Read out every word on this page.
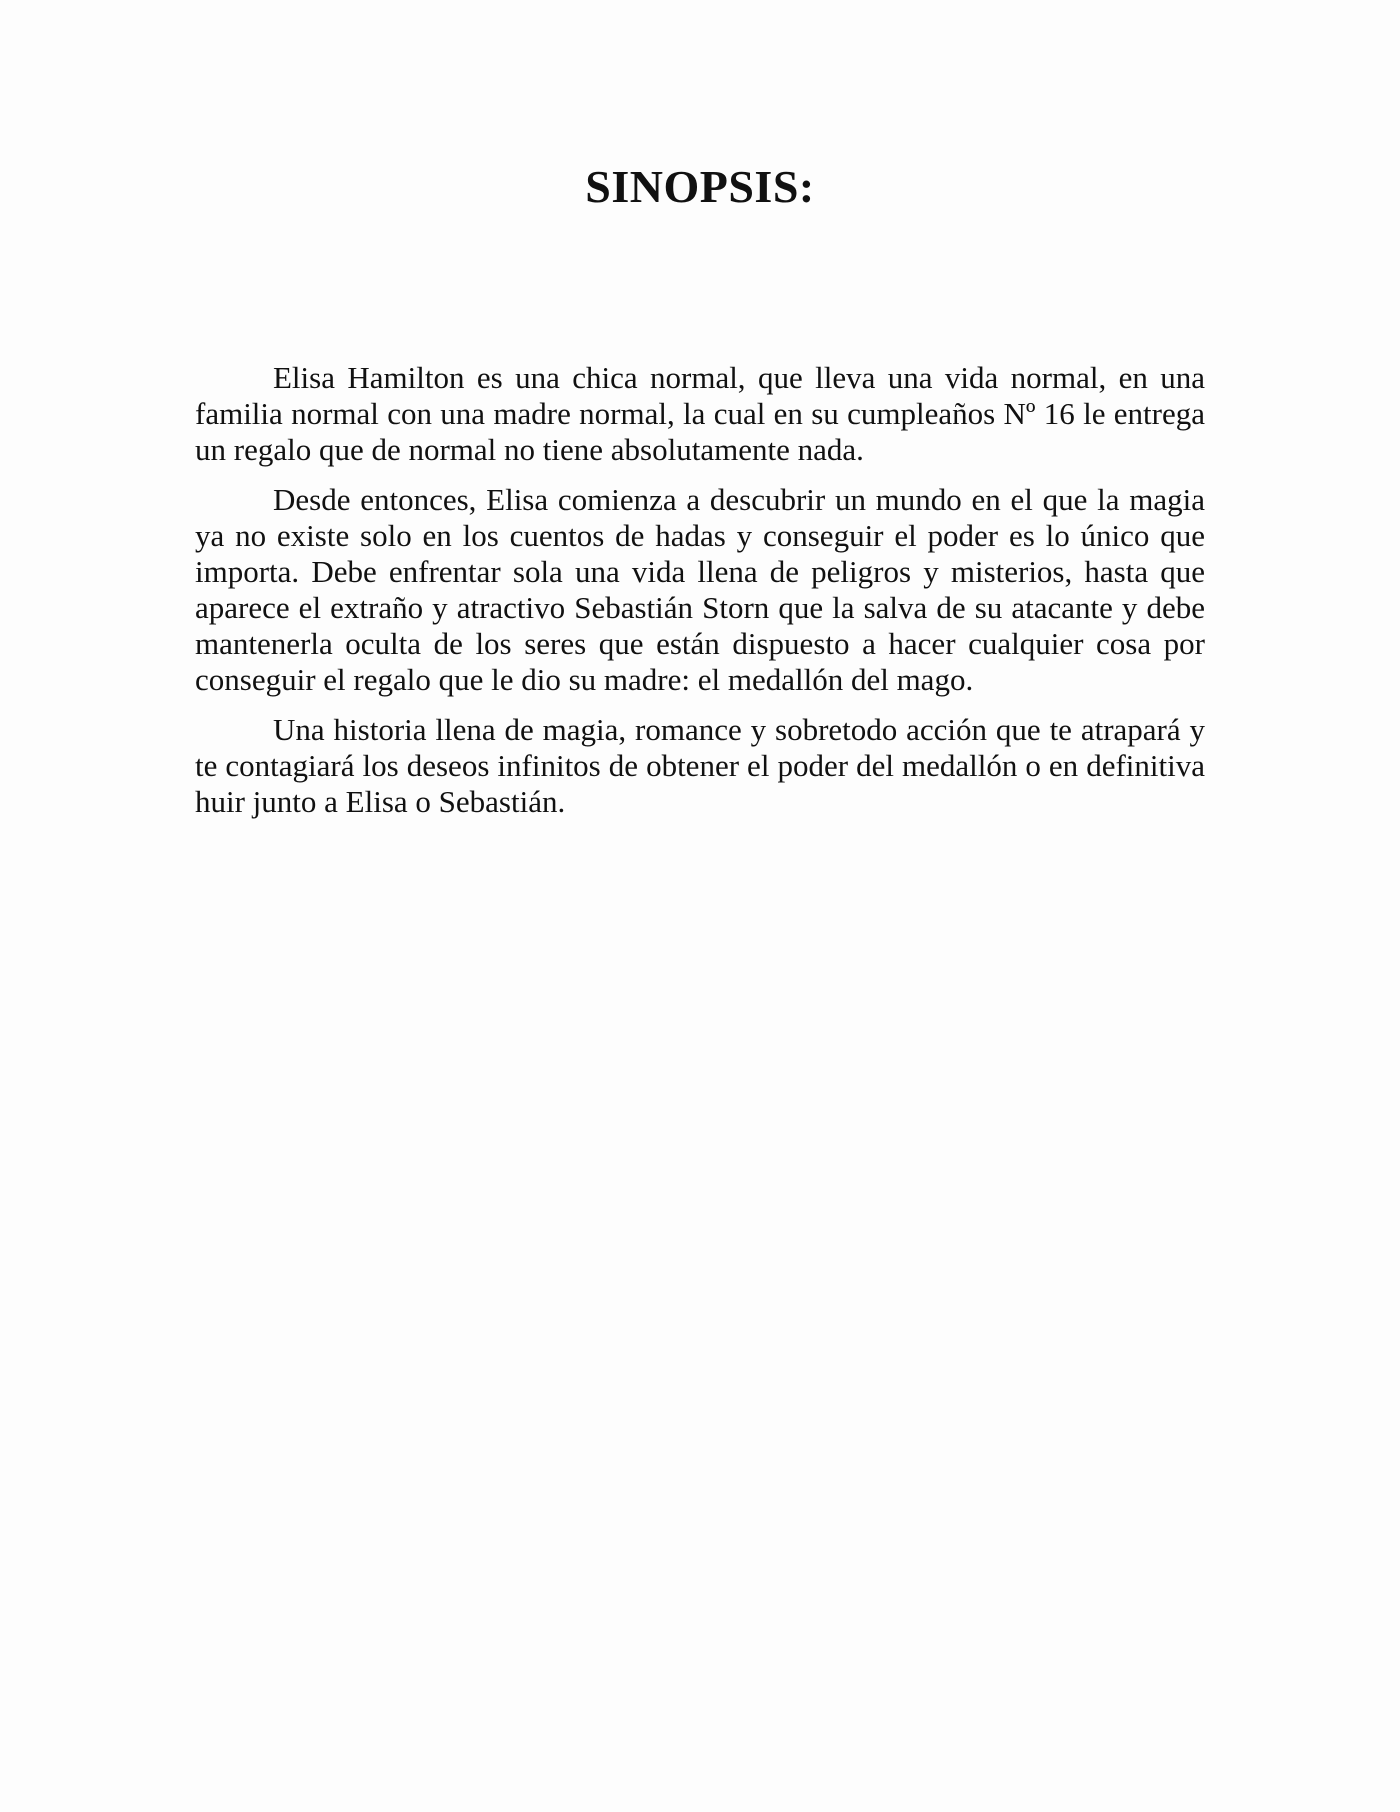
SINOPSIS:

Elisa Hamilton es una chica normal, que lleva una vida normal, en una familia normal con una madre normal, la cual en su cumpleaños Nº 16 le entrega un regalo que de normal no tiene absolutamente nada.

Desde entonces, Elisa comienza a descubrir un mundo en el que la magia ya no existe solo en los cuentos de hadas y conseguir el poder es lo único que importa. Debe enfrentar sola una vida llena de peligros y misterios, hasta que aparece el extraño y atractivo Sebastián Storn que la salva de su atacante y debe mantenerla oculta de los seres que están dispuesto a hacer cualquier cosa por conseguir el regalo que le dio su madre: el medallón del mago.

Una historia llena de magia, romance y sobretodo acción que te atrapará y te contagiará los deseos infinitos de obtener el poder del medallón o en definitiva huir junto a Elisa o Sebastián.
